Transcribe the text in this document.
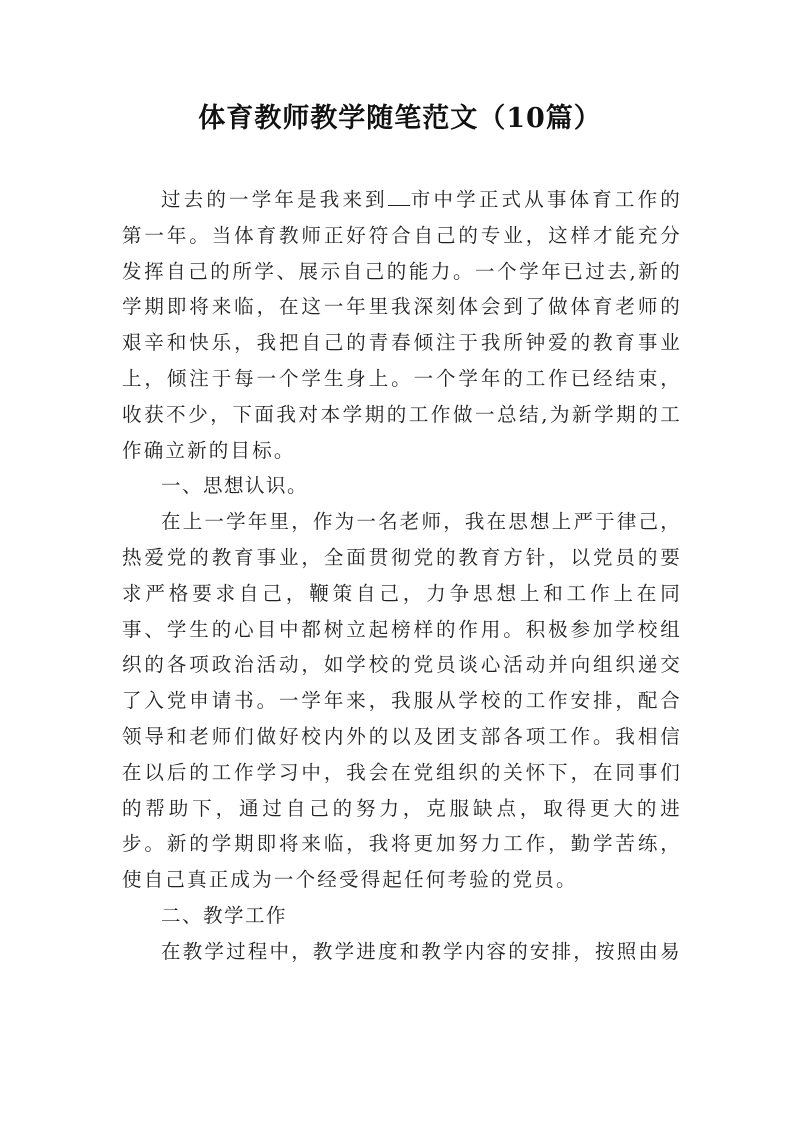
体育教师教学随笔范文（10篇）

过去的一学年是我来到 市中学正式从事体育工作的第一年。当体育教师正好符合自己的专业，这样才能充分发挥自己的所学、展示自己的能力。一个学年已过去,新的学期即将来临，在这一年里我深刻体会到了做体育老师的艰辛和快乐，我把自己的青春倾注于我所钟爱的教育事业上，倾注于每一个学生身上。一个学年的工作已经结束，收获不少，下面我对本学期的工作做一总结,为新学期的工作确立新的目标。

一、思想认识。

在上一学年里，作为一名老师，我在思想上严于律己，热爱党的教育事业，全面贯彻党的教育方针，以党员的要求严格要求自己，鞭策自己，力争思想上和工作上在同事、学生的心目中都树立起榜样的作用。积极参加学校组织的各项政治活动，如学校的党员谈心活动并向组织递交了入党申请书。一学年来，我服从学校的工作安排，配合领导和老师们做好校内外的以及团支部各项工作。我相信在以后的工作学习中，我会在党组织的关怀下，在同事们的帮助下，通过自己的努力，克服缺点，取得更大的进步。新的学期即将来临，我将更加努力工作，勤学苦练，使自己真正成为一个经受得起任何考验的党员。

二、教学工作

在教学过程中，教学进度和教学内容的安排，按照由易
